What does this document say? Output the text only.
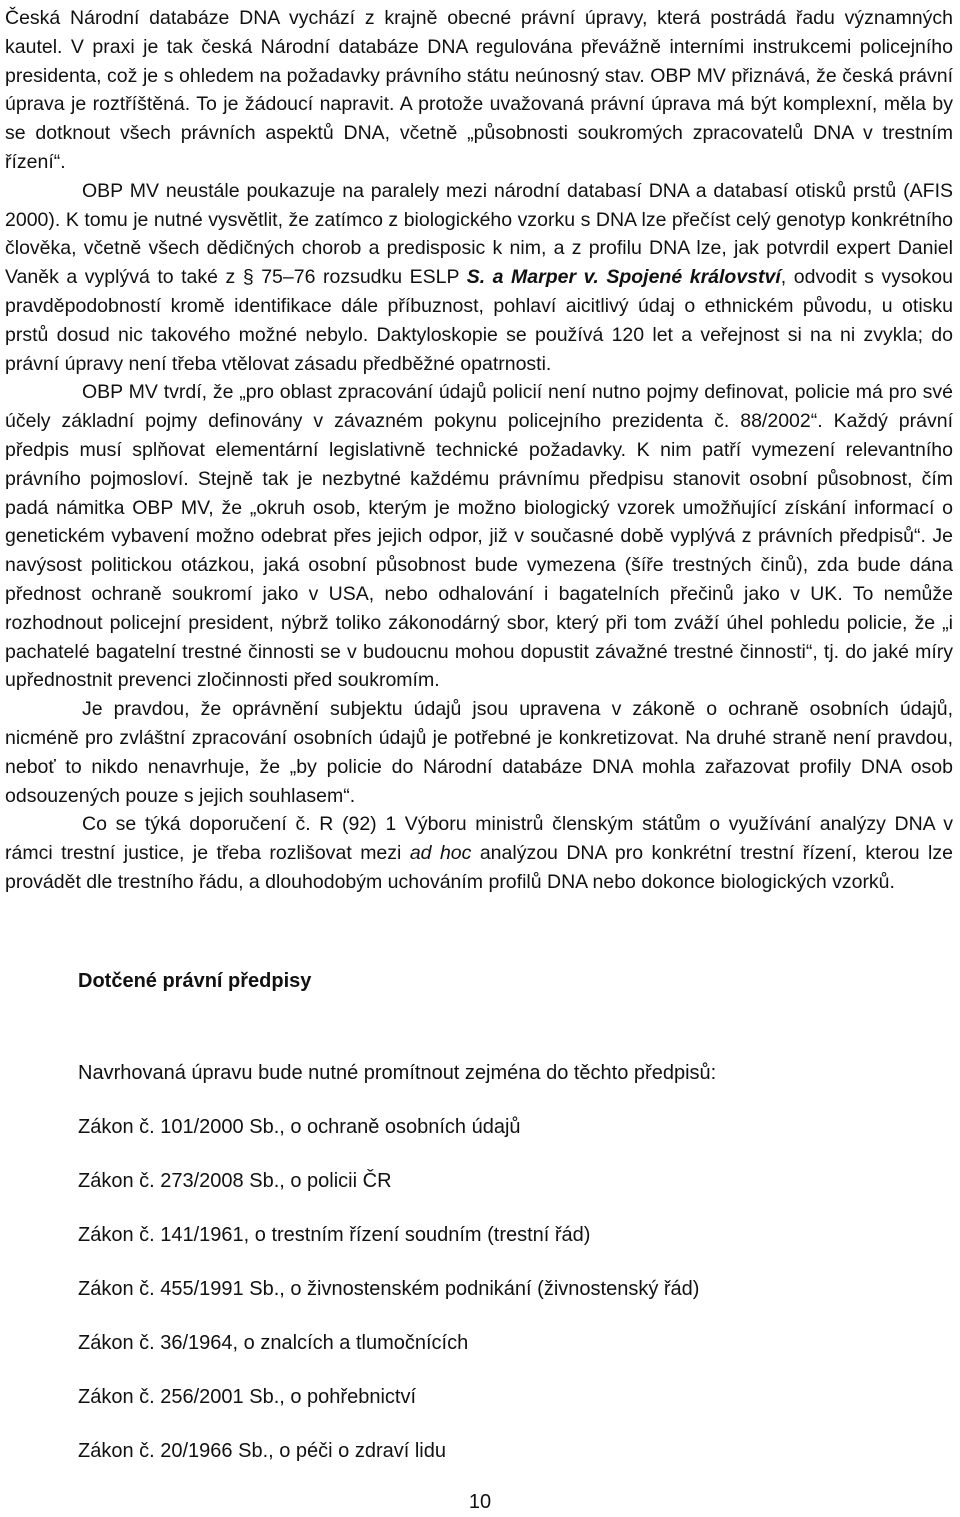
Česká Národní databáze DNA vychází z krajně obecné právní úpravy, která postrádá řadu významných kautel. V praxi je tak česká Národní databáze DNA regulována převážně interními instrukcemi policejního presidenta, což je s ohledem na požadavky právního státu neúnosný stav. OBP MV přiznává, že česká právní úprava je roztříštěná. To je žádoucí napravit. A protože uvažovaná právní úprava má být komplexní, měla by se dotknout všech právních aspektů DNA, včetně „působnosti soukromých zpracovatelů DNA v trestním řízení“.

OBP MV neustále poukazuje na paralely mezi národní databasí DNA a databasí otisků prstů (AFIS 2000). K tomu je nutné vysvětlit, že zatímco z biologického vzorku s DNA lze přečíst celý genotyp konkrétního člověka, včetně všech dědičných chorob a predisposic k nim, a z profilu DNA lze, jak potvrdil expert Daniel Vaněk a vyplývá to také z § 75–76 rozsudku ESLP S. a Marper v. Spojené království, odvodit s vysokou pravděpodobností kromě identifikace dále příbuznost, pohlaví aicitlivý údaj o ethnickém původu, u otisku prstů dosud nic takového možné nebylo. Daktyloskopie se používá 120 let a veřejnost si na ni zvykla; do právní úpravy není třeba vtělovat zásadu předběžné opatrnosti.

OBP MV tvrdí, že „pro oblast zpracování údajů policií není nutno pojmy definovat, policie má pro své účely základní pojmy definovány v závazném pokynu policejního prezidenta č. 88/2002“. Každý právní předpis musí splňovat elementární legislativně technické požadavky. K nim patří vymezení relevantního právního pojmosloví. Stejně tak je nezbytné každému právnímu předpisu stanovit osobní působnost, čím padá námitka OBP MV, že „okruh osob, kterým je možno biologický vzorek umožňující získání informací o genetickém vybavení možno odebrat přes jejich odpor, již v současné době vyplývá z právních předpisů“. Je navýsost politickou otázkou, jaká osobní působnost bude vymezena (šíře trestných činů), zda bude dána přednost ochraně soukromí jako v USA, nebo odhalování i bagatelních přečinů jako v UK. To nemůže rozhodnout policejní president, nýbrž toliko zákonodárný sbor, který při tom zváží úhel pohledu policie, že „i pachatelé bagatelní trestné činnosti se v budoucnu mohou dopustit závažné trestné činnosti“, tj. do jaké míry upřednostnit prevenci zločinnosti před soukromím.

Je pravdou, že oprávnění subjektu údajů jsou upravena v zákoně o ochraně osobních údajů, nicméně pro zvláštní zpracování osobních údajů je potřebné je konkretizovat. Na druhé straně není pravdou, neboť to nikdo nenavrhuje, že „by policie do Národní databáze DNA mohla zařazovat profily DNA osob odsouzených pouze s jejich souhlasem“.

Co se týká doporučení č. R (92) 1 Výboru ministrů členským státům o využívání analýzy DNA v rámci trestní justice, je třeba rozlišovat mezi ad hoc analýzou DNA pro konkrétní trestní řízení, kterou lze provádět dle trestního řádu, a dlouhodobým uchováním profilů DNA nebo dokonce biologických vzorků.

Dotčené právní předpisy

Navrhovaná úpravu bude nutné promítnout zejména do těchto předpisů:

Zákon č. 101/2000 Sb., o ochraně osobních údajů
Zákon č. 273/2008 Sb., o policii ČR
Zákon č. 141/1961, o trestním řízení soudním (trestní řád)
Zákon č. 455/1991 Sb., o živnostenském podnikání (živnostenský řád)
Zákon č. 36/1964, o znalcích a tlumočnících
Zákon č. 256/2001 Sb., o pohřebnictví
Zákon č. 20/1966 Sb., o péči o zdraví lidu
10
